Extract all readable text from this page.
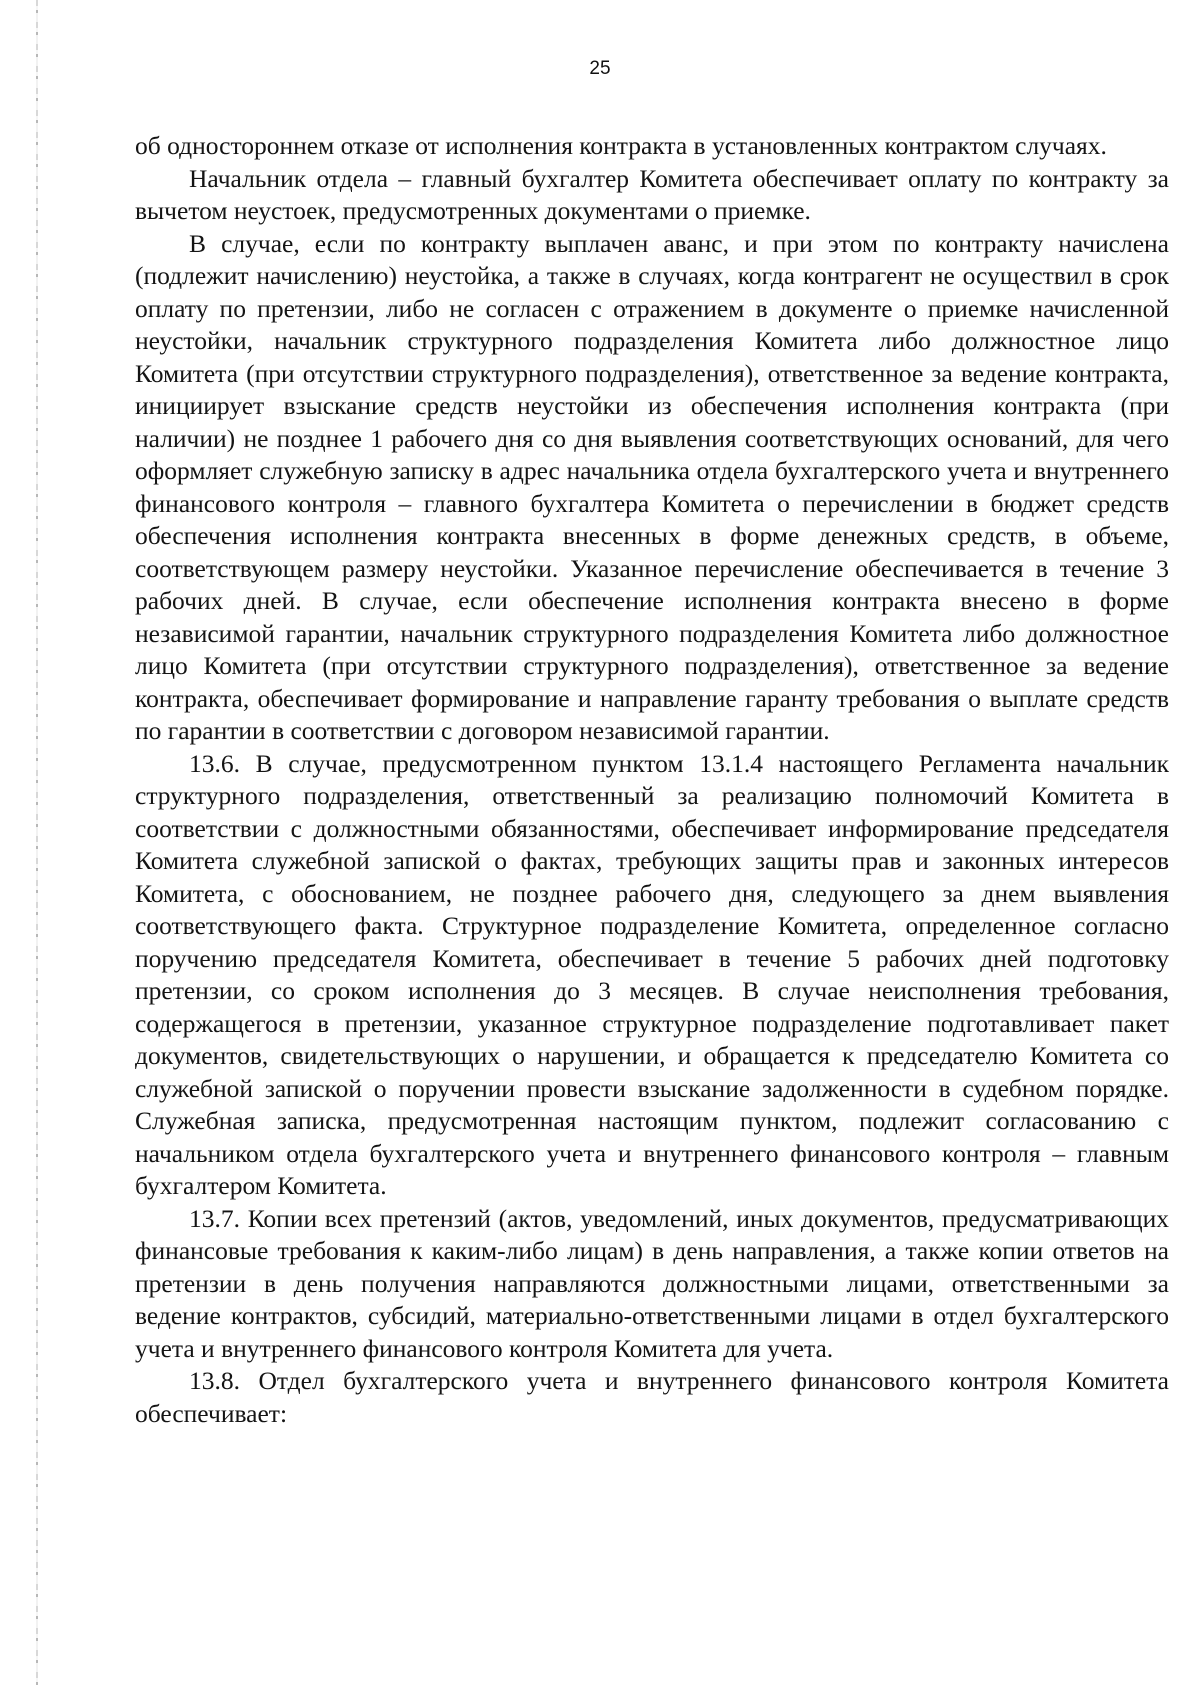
25

об одностороннем отказе от исполнения контракта в установленных контрактом случаях.

Начальник отдела – главный бухгалтер Комитета обеспечивает оплату по контракту за вычетом неустоек, предусмотренных документами о приемке.

В случае, если по контракту выплачен аванс, и при этом по контракту начислена (подлежит начислению) неустойка, а также в случаях, когда контрагент не осуществил в срок оплату по претензии, либо не согласен с отражением в документе о приемке начисленной неустойки, начальник структурного подразделения Комитета либо должностное лицо Комитета (при отсутствии структурного подразделения), ответственное за ведение контракта, инициирует взыскание средств неустойки из обеспечения исполнения контракта (при наличии) не позднее 1 рабочего дня со дня выявления соответствующих оснований, для чего оформляет служебную записку в адрес начальника отдела бухгалтерского учета и внутреннего финансового контроля – главного бухгалтера Комитета о перечислении в бюджет средств обеспечения исполнения контракта внесенных в форме денежных средств, в объеме, соответствующем размеру неустойки. Указанное перечисление обеспечивается в течение 3 рабочих дней. В случае, если обеспечение исполнения контракта внесено в форме независимой гарантии, начальник структурного подразделения Комитета либо должностное лицо Комитета (при отсутствии структурного подразделения), ответственное за ведение контракта, обеспечивает формирование и направление гаранту требования о выплате средств по гарантии в соответствии с договором независимой гарантии.

13.6. В случае, предусмотренном пунктом 13.1.4 настоящего Регламента начальник структурного подразделения, ответственный за реализацию полномочий Комитета в соответствии с должностными обязанностями, обеспечивает информирование председателя Комитета служебной запиской о фактах, требующих защиты прав и законных интересов Комитета, с обоснованием, не позднее рабочего дня, следующего за днем выявления соответствующего факта. Структурное подразделение Комитета, определенное согласно поручению председателя Комитета, обеспечивает в течение 5 рабочих дней подготовку претензии, со сроком исполнения до 3 месяцев. В случае неисполнения требования, содержащегося в претензии, указанное структурное подразделение подготавливает пакет документов, свидетельствующих о нарушении, и обращается к председателю Комитета со служебной запиской о поручении провести взыскание задолженности в судебном порядке. Служебная записка, предусмотренная настоящим пунктом, подлежит согласованию с начальником отдела бухгалтерского учета и внутреннего финансового контроля – главным бухгалтером Комитета.

13.7. Копии всех претензий (актов, уведомлений, иных документов, предусматривающих финансовые требования к каким-либо лицам) в день направления, а также копии ответов на претензии в день получения направляются должностными лицами, ответственными за ведение контрактов, субсидий, материально-ответственными лицами в отдел бухгалтерского учета и внутреннего финансового контроля Комитета для учета.

13.8. Отдел бухгалтерского учета и внутреннего финансового контроля Комитета обеспечивает:
